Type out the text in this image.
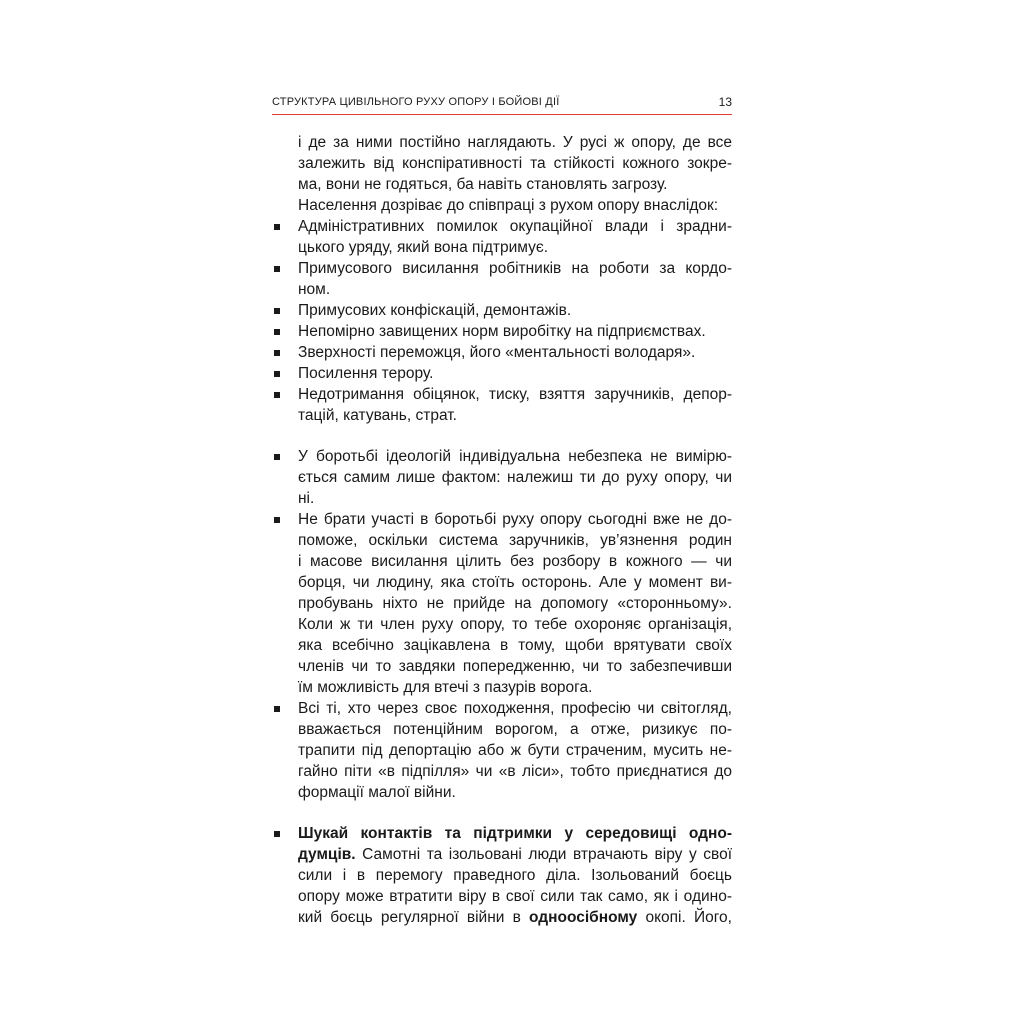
СТРУКТУРА ЦИВІЛЬНОГО РУХУ ОПОРУ І БОЙОВІ ДІЇ	13

і де за ними постійно наглядають. У русі ж опору, де все

залежить від конспіративності та стійкості кожного зокре-

ма, вони не годяться, ба навіть становлять загрозу.

Населення дозріває до співпраці з рухом опору внаслідок:

Адміністративних помилок окупаційної влади і зрадни-

цького уряду, який вона підтримує.

Примусового висилання робітників на роботи за кордо-

ном.

Примусових конфіскацій, демонтажів.

Непомірно завищених норм виробітку на підприємствах.

Зверхності переможця, його «ментальності володаря».

Посилення терору.

Недотримання обіцянок, тиску, взяття заручників, депор-

тацій, катувань, страт.

У боротьбі ідеологій індивідуальна небезпека не вимірю-

ється самим лише фактом: належиш ти до руху опору, чи ні.

Не брати участі в боротьбі руху опору сьогодні вже не до-

поможе, оскільки система заручників, ув’язнення родин

і масове висилання цілить без розбору в кожного — чи

борця, чи людину, яка стоїть осторонь. Але у момент ви-

пробувань ніхто не прийде на допомогу «сторонньому».

Коли ж ти член руху опору, то тебе охороняє організація,

яка всебічно зацікавлена в тому, щоби врятувати своїх

членів чи то завдяки попередженню, чи то забезпечивши

їм можливість для втечі з пазурів ворога.

Всі ті, хто через своє походження, професію чи світогляд,

вважається потенційним ворогом, а отже, ризикує по-

трапити під депортацію або ж бути страченим, мусить не-

гайно піти «в підпілля» чи «в ліси», тобто приєднатися до

формації малої війни.

Шукай контактів та підтримки у середовищі одно-

думців. Самотні та ізольовані люди втрачають віру у свої

сили і в перемогу праведного діла. Ізольований боєць

опору може втратити віру в свої сили так само, як і одино-

кий боєць регулярної війни в одноосібному окопі. Його,
